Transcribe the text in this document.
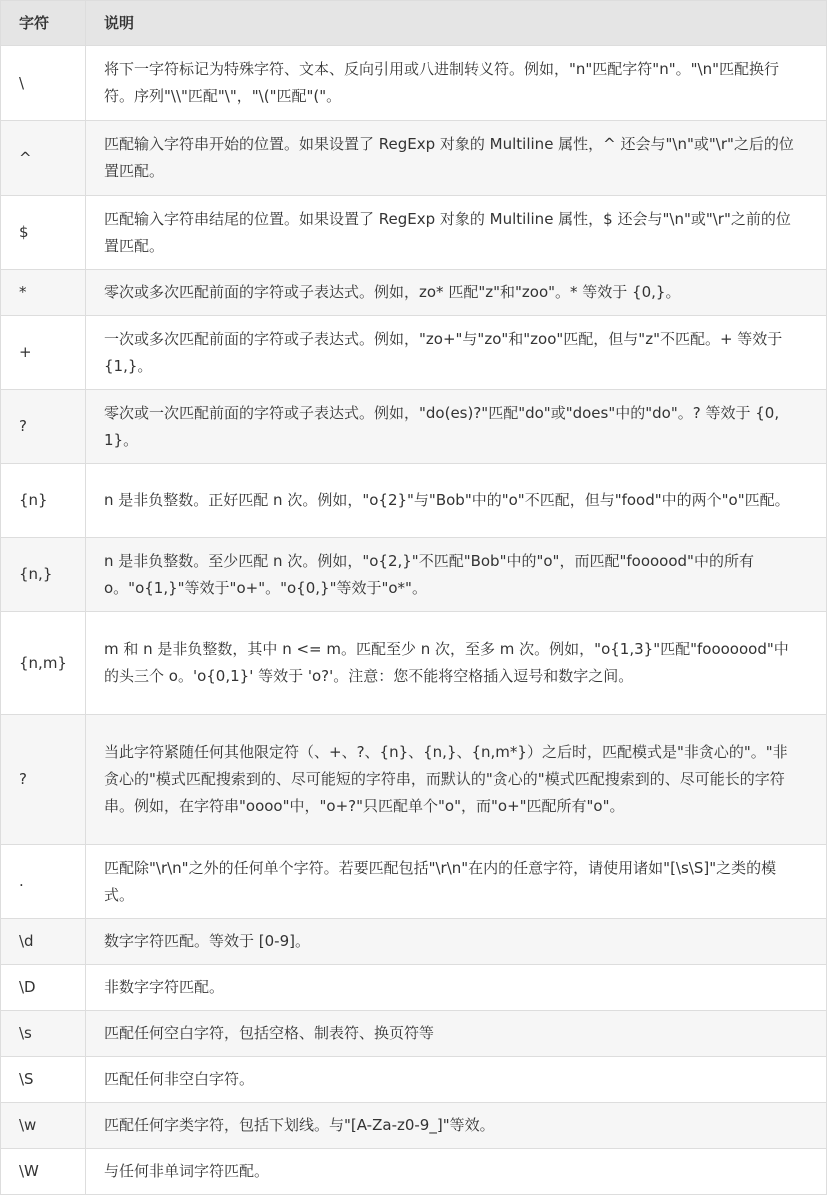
字符	说明
\	将下一字符标记为特殊字符、文本、反向引用或八进制转义符。例如，"n"匹配字符"n"。"\n"匹配换行符。序列"\\"匹配"\"，"\("匹配"("。
^	匹配输入字符串开始的位置。如果设置了 RegExp 对象的 Multiline 属性，^ 还会与"\n"或"\r"之后的位置匹配。
$	匹配输入字符串结尾的位置。如果设置了 RegExp 对象的 Multiline 属性，$ 还会与"\n"或"\r"之前的位置匹配。
*	零次或多次匹配前面的字符或子表达式。例如，zo* 匹配"z"和"zoo"。* 等效于 {0,}。
+	一次或多次匹配前面的字符或子表达式。例如，"zo+"与"zo"和"zoo"匹配，但与"z"不匹配。+ 等效于 {1,}。
?	零次或一次匹配前面的字符或子表达式。例如，"do(es)?"匹配"do"或"does"中的"do"。? 等效于 {0,1}。
{n}	n 是非负整数。正好匹配 n 次。例如，"o{2}"与"Bob"中的"o"不匹配，但与"food"中的两个"o"匹配。
{n,}	n 是非负整数。至少匹配 n 次。例如，"o{2,}"不匹配"Bob"中的"o"，而匹配"foooood"中的所有 o。"o{1,}"等效于"o+"。"o{0,}"等效于"o*"。
{n,m}	m 和 n 是非负整数，其中 n <= m。匹配至少 n 次，至多 m 次。例如，"o{1,3}"匹配"fooooood"中的头三个 o。'o{0,1}' 等效于 'o?'。注意：您不能将空格插入逗号和数字之间。
?	当此字符紧随任何其他限定符（、+、?、{n}、{n,}、{n,m*}）之后时，匹配模式是"非贪心的"。"非贪心的"模式匹配搜索到的、尽可能短的字符串，而默认的"贪心的"模式匹配搜索到的、尽可能长的字符串。例如，在字符串"oooo"中，"o+?"只匹配单个"o"，而"o+"匹配所有"o"。
.	匹配除"\r\n"之外的任何单个字符。若要匹配包括"\r\n"在内的任意字符，请使用诸如"[\s\S]"之类的模式。
\d	数字字符匹配。等效于 [0-9]。
\D	非数字字符匹配。
\s	匹配任何空白字符，包括空格、制表符、换页符等
\S	匹配任何非空白字符。
\w	匹配任何字类字符，包括下划线。与"[A-Za-z0-9_]"等效。
\W	与任何非单词字符匹配。
